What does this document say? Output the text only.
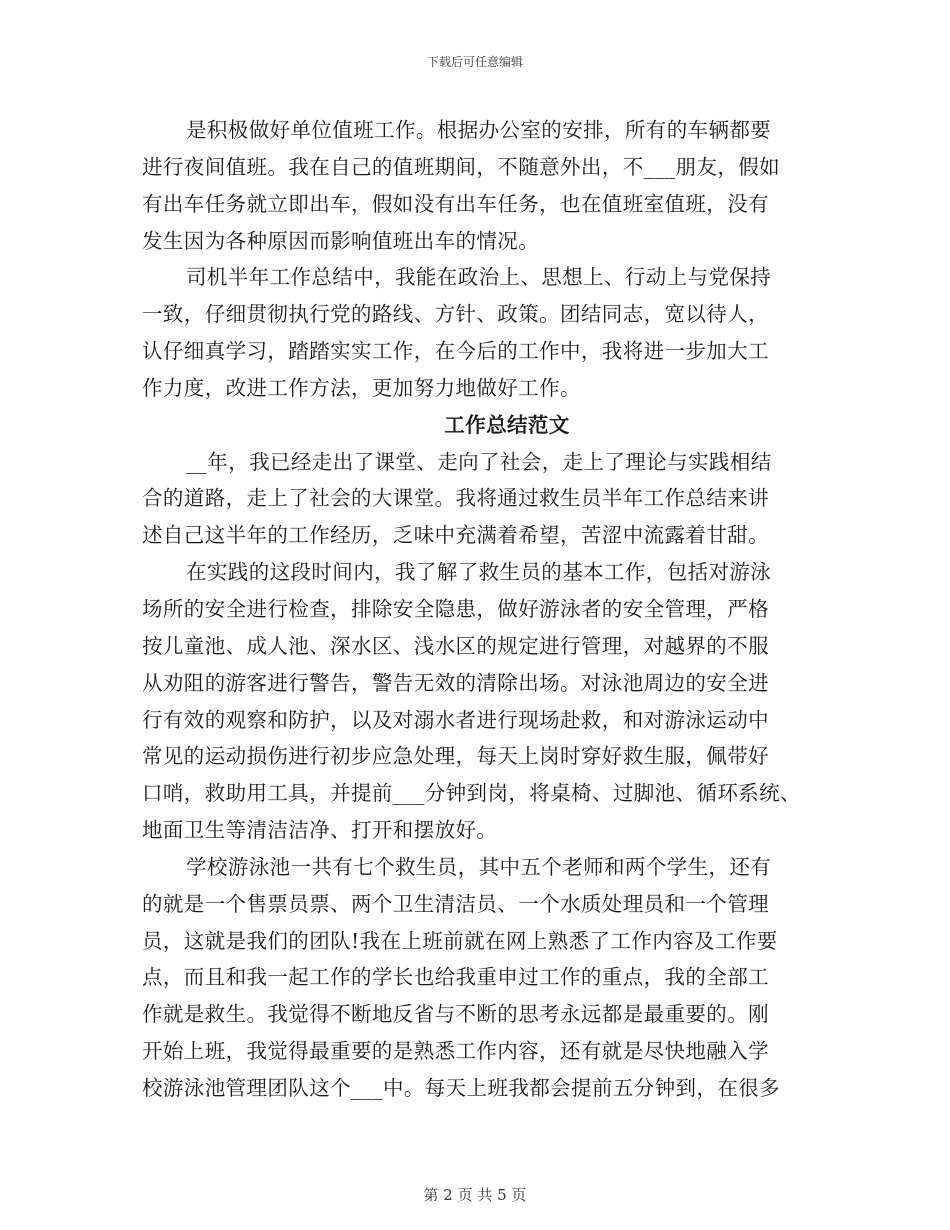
下载后可任意编辑
是积极做好单位值班工作。根据办公室的安排，所有的车辆都要
进行夜间值班。我在自己的值班期间，不随意外出，不___朋友，假如
有出车任务就立即出车，假如没有出车任务，也在值班室值班，没有
发生因为各种原因而影响值班出车的情况。
司机半年工作总结中，我能在政治上、思想上、行动上与党保持
一致，仔细贯彻执行党的路线、方针、政策。团结同志，宽以待人，
认仔细真学习，踏踏实实工作，在今后的工作中，我将进一步加大工
作力度，改进工作方法，更加努力地做好工作。
工作总结范文
__年，我已经走出了课堂、走向了社会，走上了理论与实践相结
合的道路，走上了社会的大课堂。我将通过救生员半年工作总结来讲
述自己这半年的工作经历，乏味中充满着希望，苦涩中流露着甘甜。
在实践的这段时间内，我了解了救生员的基本工作，包括对游泳
场所的安全进行检查，排除安全隐患，做好游泳者的安全管理，严格
按儿童池、成人池、深水区、浅水区的规定进行管理，对越界的不服
从劝阻的游客进行警告，警告无效的清除出场。对泳池周边的安全进
行有效的观察和防护，以及对溺水者进行现场赴救，和对游泳运动中
常见的运动损伤进行初步应急处理，每天上岗时穿好救生服，佩带好
口哨，救助用工具，并提前___分钟到岗，将桌椅、过脚池、循环系统、
地面卫生等清洁洁净、打开和摆放好。
学校游泳池一共有七个救生员，其中五个老师和两个学生，还有
的就是一个售票员票、两个卫生清洁员、一个水质处理员和一个管理
员，这就是我们的团队!我在上班前就在网上熟悉了工作内容及工作要
点，而且和我一起工作的学长也给我重申过工作的重点，我的全部工
作就是救生。我觉得不断地反省与不断的思考永远都是最重要的。刚
开始上班，我觉得最重要的是熟悉工作内容，还有就是尽快地融入学
校游泳池管理团队这个___中。每天上班我都会提前五分钟到，在很多
第 2 页 共 5 页
